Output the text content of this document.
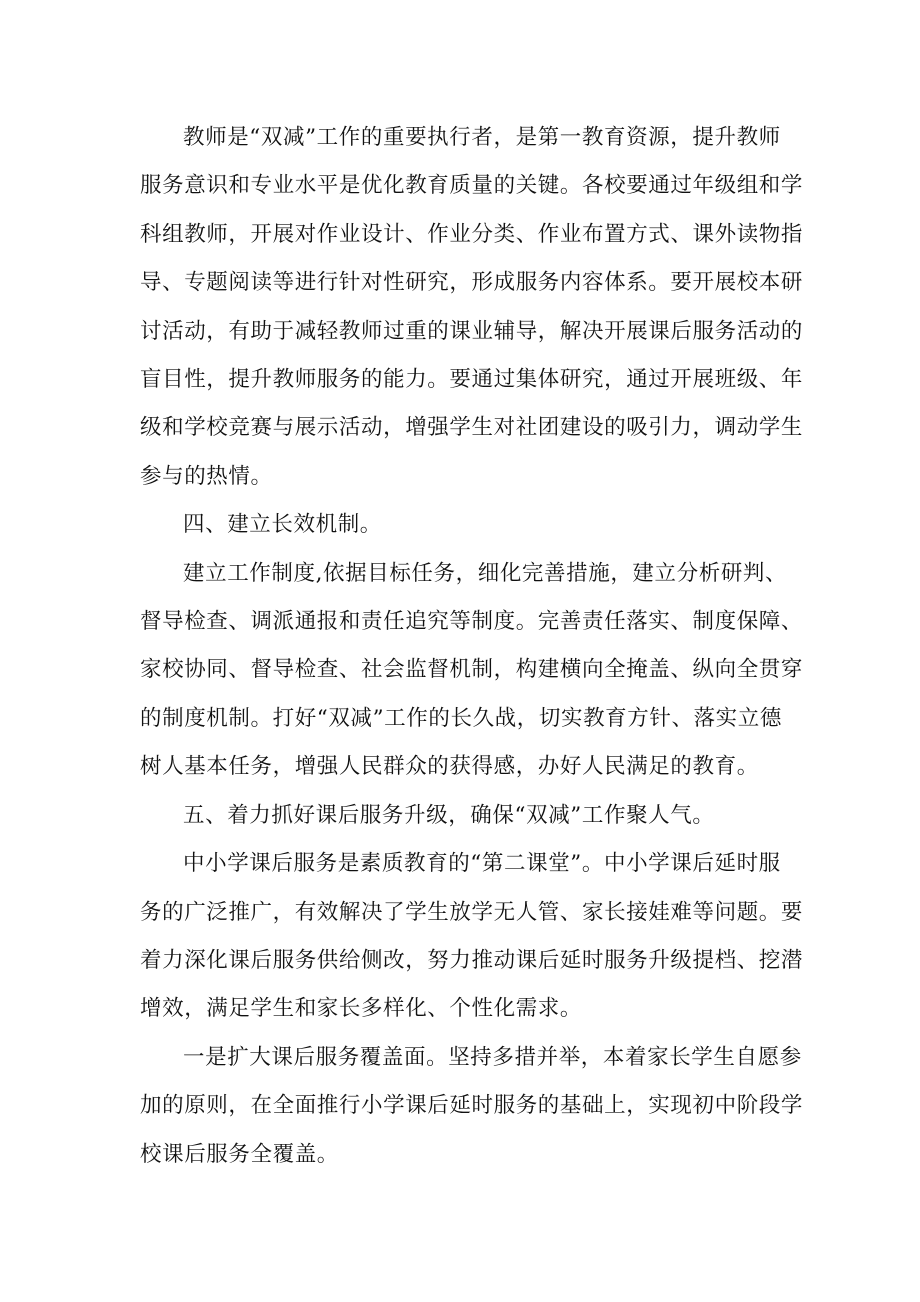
教师是“双减”工作的重要执行者，是第一教育资源，提升教师
服务意识和专业水平是优化教育质量的关键。各校要通过年级组和学
科组教师，开展对作业设计、作业分类、作业布置方式、课外读物指
导、专题阅读等进行针对性研究，形成服务内容体系。要开展校本研
讨活动，有助于减轻教师过重的课业辅导，解决开展课后服务活动的
盲目性，提升教师服务的能力。要通过集体研究，通过开展班级、年
级和学校竞赛与展示活动，增强学生对社团建设的吸引力，调动学生
参与的热情。

四、建立长效机制。

建立工作制度,依据目标任务，细化完善措施，建立分析研判、
督导检查、调派通报和责任追究等制度。完善责任落实、制度保障、
家校协同、督导检查、社会监督机制，构建横向全掩盖、纵向全贯穿
的制度机制。打好“双减”工作的长久战，切实教育方针、落实立德
树人基本任务，增强人民群众的获得感，办好人民满足的教育。

五、着力抓好课后服务升级，确保“双减”工作聚人气。

中小学课后服务是素质教育的“第二课堂”。中小学课后延时服
务的广泛推广，有效解决了学生放学无人管、家长接娃难等问题。要
着力深化课后服务供给侧改，努力推动课后延时服务升级提档、挖潜
增效，满足学生和家长多样化、个性化需求。

一是扩大课后服务覆盖面。坚持多措并举，本着家长学生自愿参
加的原则，在全面推行小学课后延时服务的基础上，实现初中阶段学
校课后服务全覆盖。
